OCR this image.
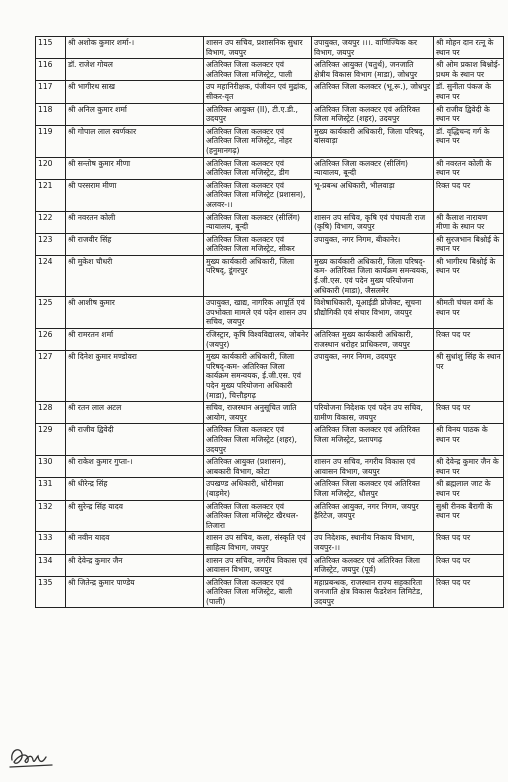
115	श्री अशोक कुमार शर्मा-।	शासन उप सचिव, प्रशासनिक सुधार विभाग, जयपुर	उपायुक्त, जयपुर ।।।. वाणिज्यिक कर विभाग, जयपुर	श्री मोहन दान रत्नू के स्थान पर
116	डॉ. राजेश गोयल	अतिरिक्त जिला कलक्टर एवं अतिरिक्त जिला मजिस्ट्रेट, पाली	अतिरिक्त आयुक्त (चतुर्थ), जनजाति क्षेत्रीय विकास विभाग (माडा), जोधपुर	श्री ओम प्रकाश बिश्नोई-प्रथम के स्थान पर
117	श्री भागीरथ साख	उप महानिरीक्षक, पंजीयन एवं मुद्रांक, सीकर-वृत	अतिरिक्त जिला कलक्टर (भू.रू.), जोधपुर	डॉ. सुनीता पंकज के स्थान पर
118	श्री अनिल कुमार शर्मा	अतिरिक्त आयुक्त (II), टी.ए.डी., उदयपुर	अतिरिक्त जिला कलक्टर एवं अतिरिक्त जिला मजिस्ट्रेट (शहर), उदयपुर	श्री राजीव द्विवेदी के स्थान पर
119	श्री गोपाल लाल स्वर्णकार	अतिरिक्त जिला कलक्टर एवं अतिरिक्त जिला मजिस्ट्रेट, नोहर (हनुमानगढ़)	मुख्य कार्यकारी अधिकारी, जिला परिषद्, बांसवाड़ा	डॉ. वृद्धिचन्द गर्ग के स्थान पर
120	श्री सन्तोष कुमार मीणा	अतिरिक्त जिला कलक्टर एवं अतिरिक्त जिला मजिस्ट्रेट, डीग	अतिरिक्त जिला कलक्टर (सीलिंग) न्यायालय, बून्दी	श्री नवरतन कोली के स्थान पर
121	श्री परसराम मीणा	अतिरिक्त जिला कलक्टर एवं अतिरिक्त जिला मजिस्ट्रेट (प्रशासन), अलवर-।।	भू-प्रबन्ध अधिकारी, भीलवाड़ा	रिक्त पद पर
122	श्री नवरतन कोली	अतिरिक्त जिला कलक्टर (सीलिंग) न्यायालय, बून्दी	शासन उप सचिव, कृषि एवं पंचायती राज (कृषि) विभाग, जयपुर	श्री कैलाश नारायण मीणा के स्थान पर
123	श्री राजवीर सिंह	अतिरिक्त जिला कलक्टर एवं अतिरिक्त जिला मजिस्ट्रेट, सीकर	उपायुक्त, नगर निगम, बीकानेर।	श्री सुरजभान बिश्नोई के स्थान पर
124	श्री मुकेश चौधरी	मुख्य कार्यकारी अधिकारी, जिला परिषद्, डूंगरपुर	मुख्य कार्यकारी अधिकारी, जिला परिषद्-कम- अतिरिक्त जिला कार्यक्रम समन्वयक, ई.जी.एस. एवं पदेन मुख्य परियोजना अधिकारी (माडा), जैसलमेर	श्री भागीरथ बिश्नोई के स्थान पर
125	श्री आशीष कुमार	उपायुक्त, खाद्य, नागरिक आपूर्ति एवं उपभोक्ता मामले एवं पदेन शासन उप सचिव, जयपुर	विशेषाधिकारी, यूआईडी प्रोजेक्ट, सूचना प्रौद्योगिकी एवं संचार विभाग, जयपुर	श्रीमती चंचल वर्मा के स्थान पर
126	श्री रामरतन शर्मा	रजिस्ट्रार, कृषि विश्वविद्यालय, जोबनेर (जयपुर)	अतिरिक्त मुख्य कार्यकारी अधिकारी, राजस्थान धरोहर प्राधिकरण, जयपुर	रिक्त पद पर
127	श्री दिनेश कुमार मण्डोवरा	मुख्य कार्यकारी अधिकारी, जिला परिषद्-कम- अतिरिक्त जिला कार्यक्रम समन्वयक, ई.जी.एस. एवं पदेन मुख्य परियोजना अधिकारी (माडा), चित्तौड़गढ़	उपायुक्त, नगर निगम, उदयपुर	श्री सुधांशु सिंह के स्थान पर
128	श्री रतन लाल अटल	सचिव, राजस्थान अनुसूचित जाति आयोग, जयपुर	परियोजना निदेशक एवं पदेन उप सचिव, ग्रामीण विकास, जयपुर	रिक्त पद पर
129	श्री राजीव द्विवेदी	अतिरिक्त जिला कलक्टर एवं अतिरिक्त जिला मजिस्ट्रेट (शहर), उदयपुर	अतिरिक्त जिला कलक्टर एवं अतिरिक्त जिला मजिस्ट्रेट, प्रतापगढ़	श्री विनय पाठक के स्थान पर
130	श्री राकेश कुमार गुप्ता-।	अतिरिक्त आयुक्त (प्रशासन), आबकारी विभाग, कोटा	शासन उप सचिव, नगरीय विकास एवं आवासन विभाग, जयपुर	श्री देवेन्द्र कुमार जैन के स्थान पर
131	श्री धीरेन्द्र सिंह	उपखण्ड अधिकारी, धोरीमन्ना (बाड़मेर)	अतिरिक्त जिला कलक्टर एवं अतिरिक्त जिला मजिस्ट्रेट, धौलपुर	श्री ब्रह्मलाल जाट के स्थान पर
132	श्री सुरेन्द्र सिंह यादव	अतिरिक्त जिला कलक्टर एवं अतिरिक्त जिला मजिस्ट्रेट खैरथल-तिजारा	अतिरिक्त आयुक्त, नगर निगम, जयपुर हैरिटेज, जयपुर	सुश्री रीनक बैरागी के स्थान पर
133	श्री नवीन यादव	शासन उप सचिव, कला, संस्कृति एवं साहित्य विभाग, जयपुर	उप निदेशक, स्थानीय निकाय विभाग, जयपुर-।।	रिक्त पद पर
134	श्री देवेन्द्र कुमार जैन	शासन उप सचिव, नगरीय विकास एवं आवासन विभाग, जयपुर	अतिरिक्त कलक्टर एवं अतिरिक्त जिला मजिस्ट्रेट, जयपुर (पूर्व)	रिक्त पद पर
135	श्री जितेन्द्र कुमार पाण्डेय	अतिरिक्त जिला कलक्टर एवं अतिरिक्त जिला मजिस्ट्रेट, बाली (पाली)	महाप्रबन्धक, राजस्थान राज्य सहकारिता जनजाति क्षेत्र विकास फैडरेशन लिमिटेड, उदयपुर	रिक्त पद पर
